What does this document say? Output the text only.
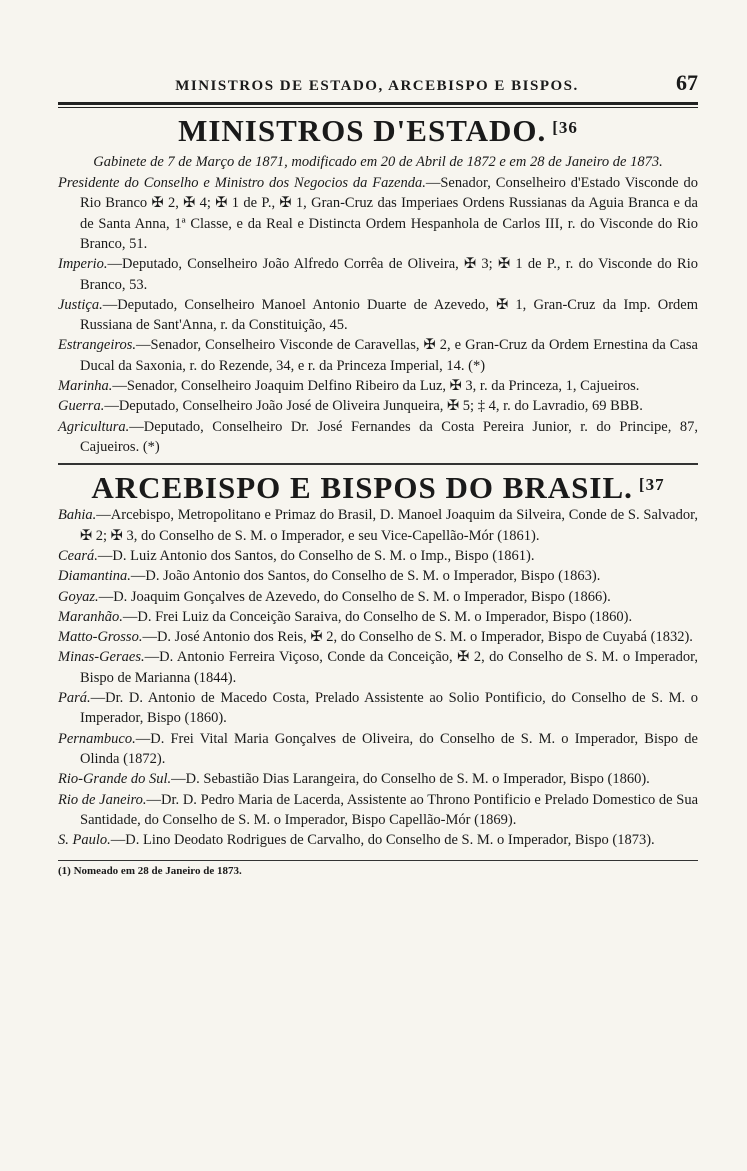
MINISTROS DE ESTADO, ARCEBISPO E BISPOS.	67
MINISTROS D'ESTADO. $^{[36}$
Gabinete de 7 de Março de 1871, modificado em 20 de Abril de 1872 e em 28 de Janeiro de 1873.

Presidente do Conselho e Ministro dos Negocios da Fazenda.—Senador, Conselheiro d'Estado Visconde do Rio Branco ✠ 2, ✠ 4; ✠ 1 de P., ✠ 1, Gran-Cruz das Imperiaes Ordens Russianas da Aguia Branca e da de Santa Anna, 1ª Classe, e da Real e Distincta Ordem Hespanhola de Carlos III, r. do Visconde do Rio Branco, 51.

Imperio.—Deputado, Conselheiro João Alfredo Corrêa de Oliveira, ✠ 3; ✠ 1 de P., r. do Visconde do Rio Branco, 53.

Justiça.—Deputado, Conselheiro Manoel Antonio Duarte de Azevedo, ✠ 1, Gran-Cruz da Imp. Ordem Russiana de Sant'Anna, r. da Constituição, 45.

Estrangeiros.—Senador, Conselheiro Visconde de Caravellas, ✠ 2, e Gran-Cruz da Ordem Ernestina da Casa Ducal da Saxonia, r. do Rezende, 34, e r. da Princeza Imperial, 14. (*)

Marinha.—Senador, Conselheiro Joaquim Delfino Ribeiro da Luz, ✠ 3, r. da Princeza, 1, Cajueiros.

Guerra.—Deputado, Conselheiro João José de Oliveira Junqueira, ✠ 5; ‡ 4, r. do Lavradio, 69 BBB.

Agricultura.—Deputado, Conselheiro Dr. José Fernandes da Costa Pereira Junior, r. do Principe, 87, Cajueiros. (*)

ARCEBISPO E BISPOS DO BRASIL. $^{[37}$

Bahia.—Arcebispo, Metropolitano e Primaz do Brasil, D. Manoel Joaquim da Silveira, Conde de S. Salvador, ✠ 2; ✠ 3, do Conselho de S. M. o Imperador, e seu Vice-Capellão-Mór (1861).

Ceará.—D. Luiz Antonio dos Santos, do Conselho de S. M. o Imp., Bispo (1861).

Diamantina.—D. João Antonio dos Santos, do Conselho de S. M. o Imperador, Bispo (1863).

Goyaz.—D. Joaquim Gonçalves de Azevedo, do Conselho de S. M. o Imperador, Bispo (1866).

Maranhão.—D. Frei Luiz da Conceição Saraiva, do Conselho de S. M. o Imperador, Bispo (1860).

Matto-Grosso.—D. José Antonio dos Reis, ✠ 2, do Conselho de S. M. o Imperador, Bispo de Cuyabá (1832).

Minas-Geraes.—D. Antonio Ferreira Viçoso, Conde da Conceição, ✠ 2, do Conselho de S. M. o Imperador, Bispo de Marianna (1844).

Pará.—Dr. D. Antonio de Macedo Costa, Prelado Assistente ao Solio Pontificio, do Conselho de S. M. o Imperador, Bispo (1860).

Pernambuco.—D. Frei Vital Maria Gonçalves de Oliveira, do Conselho de S. M. o Imperador, Bispo de Olinda (1872).

Rio-Grande do Sul.—D. Sebastião Dias Larangeira, do Conselho de S. M. o Imperador, Bispo (1860).

Rio de Janeiro.—Dr. D. Pedro Maria de Lacerda, Assistente ao Throno Pontificio e Prelado Domestico de Sua Santidade, do Conselho de S. M. o Imperador, Bispo Capellão-Mór (1869).

S. Paulo.—D. Lino Deodato Rodrigues de Carvalho, do Conselho de S. M. o Imperador, Bispo (1873).

(1) Nomeado em 28 de Janeiro de 1873.
